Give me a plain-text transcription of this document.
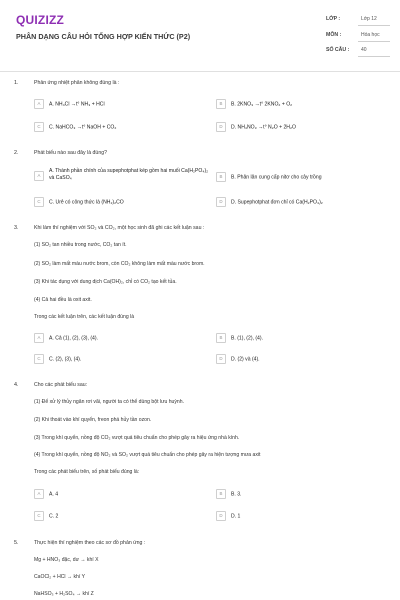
QUIZIZZ
PHÂN DẠNG CÂU HỎI TỔNG HỢP KIẾN THỨC (P2)
LỚP :	Lớp 12
MÔN :	Hóa học
SỐ CÂU : 40
1.	Phản ứng nhiệt phân không đúng là :
A A. NH₄Cl →t° NH₃ + HCl	B B. 2KNO₃ →t° 2KNO₂ + O₂
C C. NaHCO₃ →t° NaOH + CO₂	D D. NH₄NO₃ →t° N₂O + 2H₂O
2.	Phát biểu nào sau đây là đúng?
A
A. Thành phần chính của supephotphat kép gồm hai muối Ca(H₂PO₄)₂ và CaSO₄	B B. Phân lân cung cấp nitơ cho cây trồng
C C. Urê có công thức là (NH₂)₂CO	D D. Supephotphat đơn chỉ có Ca(H₂PO₄)₂
3.	Khi làm thí nghiệm với SO₂ và CO₂, một học sinh đã ghi các kết luận sau :
(1) SO₂ tan nhiều trong nước, CO₂ tan ít.
(2) SO₂ làm mất màu nước brom, còn CO₂ không làm mất màu nước brom.
(3) Khi tác dụng với dung dịch Ca(OH)₂, chỉ có CO₂ tạo kết tủa.
(4) Cả hai đều là oxit axit.
Trong các kết luận trên, các kết luận đúng là
A A. Cả (1), (2), (3), (4).	B B. (1), (2), (4).
C C. (2), (3), (4).	D D. (2) và (4).
4.	Cho các phát biểu sau:
(1) Để xử lý thủy ngân rơi vãi, người ta có thể dùng bột lưu huỳnh.
(2) Khi thoát vào khí quyển, freon phá hủy tần ozon.
(3) Trong khí quyển, nồng độ CO₂ vượt quá tiêu chuẩn cho phép gây ra hiệu ứng nhà kính.
(4) Trong khí quyển, nồng độ NO₂ và SO₂ vượt quá tiêu chuẩn cho phép gây ra hiện tượng mưa axit
Trong các phát biểu trên, số phát biểu đúng là:
A A. 4	B B. 3.
C C. 2	D D. 1
5.	Thực hiện thí nghiệm theo các sơ đồ phản ứng :
Mg + HNO₃ đặc, dư → khí X
CaOCl₂ + HCl → khí Y
NaHSO₃ + H₂SO₄ → khí Z
